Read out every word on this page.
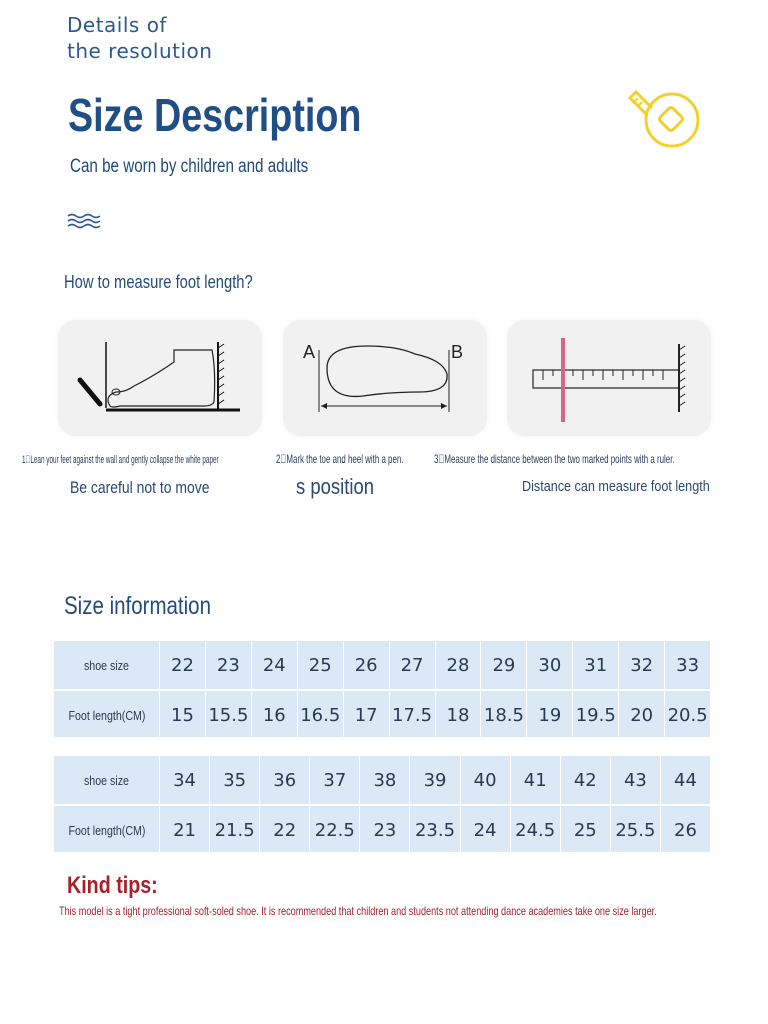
Details of
the resolution
Size Description
Can be worn by children and adults
How to measure foot length?
A	B
1 Lean your feet against the wall and gently collapse the white paper	2 Mark the toe and heel with a pen.	3 Measure the distance between the two marked points with a ruler.
Be careful not to move	s position	Distance can measure foot length
Size information
shoe size	22	23	24	25	26	27	28	29	30	31	32	33
Foot length(CM)	15 15.5 16 16.5 17 17.5 18 18.5 19 19.5 20 20.5
shoe size	34	35	36	37	38	39	40	41	42	43	44
Foot length(CM)	21	21.5	22	22.5	23	23.5	24	24.5	25	25.5	26
Kind tips:
This model is a tight professional soft-soled shoe. It is recommended that children and students not attending dance academies take one size larger.
